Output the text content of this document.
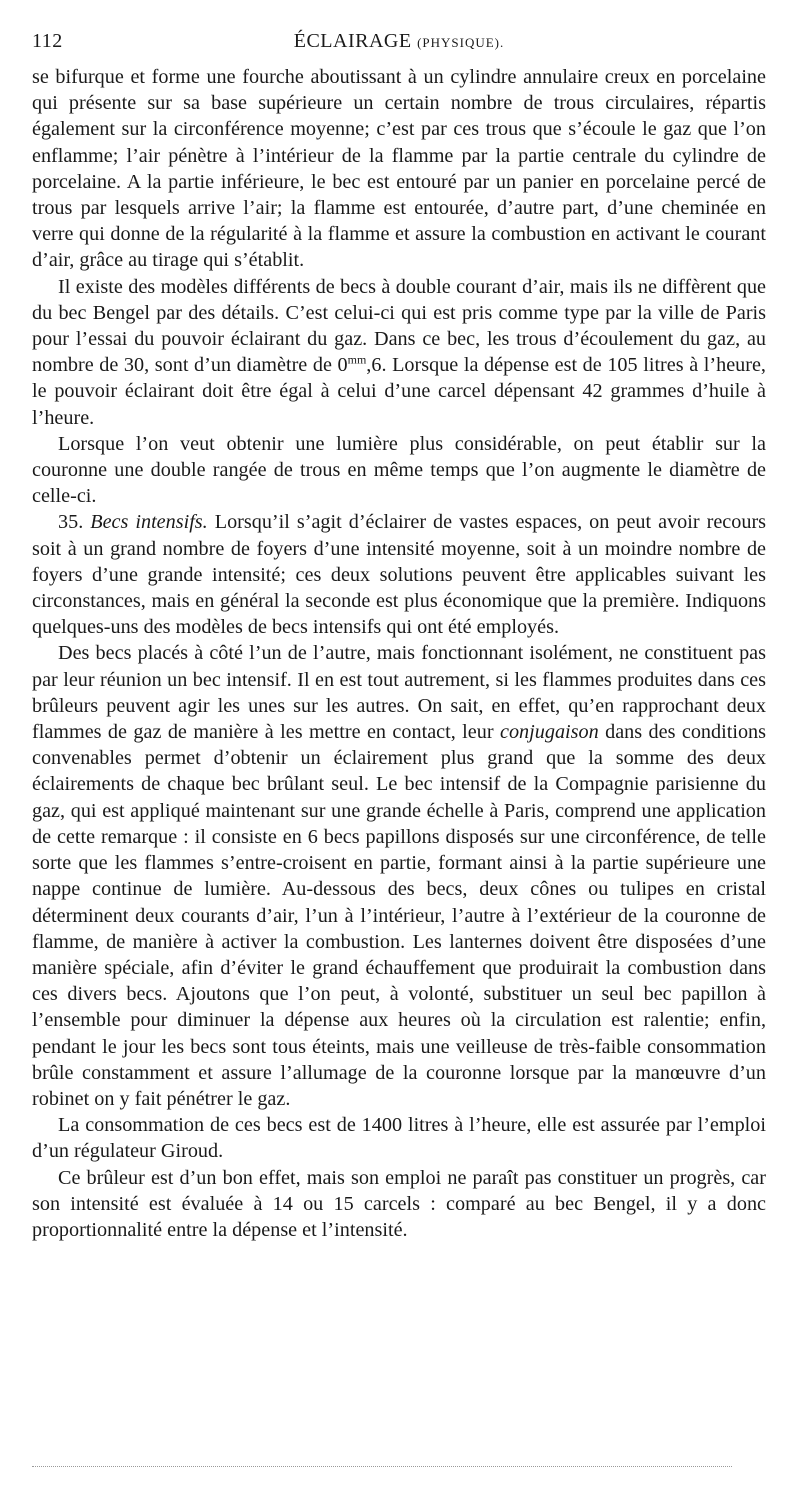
112	ÉCLAIRAGE (PHYSIQUE).

se bifurque et forme une fourche aboutissant à un cylindre annulaire creux en porcelaine qui présente sur sa base supérieure un certain nombre de trous circulaires, répartis également sur la circonférence moyenne; c’est par ces trous que s’écoule le gaz que l’on enflamme; l’air pénètre à l’intérieur de la flamme par la partie centrale du cylindre de porcelaine. A la partie inférieure, le bec est entouré par un panier en porcelaine percé de trous par lesquels arrive l’air; la flamme est entourée, d’autre part, d’une cheminée en verre qui donne de la régularité à la flamme et assure la combustion en activant le courant d’air, grâce au tirage qui s’établit.

Il existe des modèles différents de becs à double courant d’air, mais ils ne diffèrent que du bec Bengel par des détails. C’est celui-ci qui est pris comme type par la ville de Paris pour l’essai du pouvoir éclairant du gaz. Dans ce bec, les trous d’écoulement du gaz, au nombre de 30, sont d’un diamètre de $0^{mm},6$. Lorsque la dépense est de 105 litres à l’heure, le pouvoir éclairant doit être égal à celui d’une carcel dépensant 42 grammes d’huile à l’heure.

Lorsque l’on veut obtenir une lumière plus considérable, on peut établir sur la couronne une double rangée de trous en même temps que l’on augmente le diamètre de celle-ci.

35. Becs intensifs. Lorsqu’il s’agit d’éclairer de vastes espaces, on peut avoir recours soit à un grand nombre de foyers d’une intensité moyenne, soit à un moindre nombre de foyers d’une grande intensité; ces deux solutions peuvent être applicables suivant les circonstances, mais en général la seconde est plus économique que la première. Indiquons quelques-uns des modèles de becs intensifs qui ont été employés.

Des becs placés à côté l’un de l’autre, mais fonctionnant isolément, ne constituent pas par leur réunion un bec intensif. Il en est tout autrement, si les flammes produites dans ces brûleurs peuvent agir les unes sur les autres. On sait, en effet, qu’en rapprochant deux flammes de gaz de manière à les mettre en contact, leur conjugaison dans des conditions convenables permet d’obtenir un éclairement plus grand que la somme des deux éclairements de chaque bec brûlant seul. Le bec intensif de la Compagnie parisienne du gaz, qui est appliqué maintenant sur une grande échelle à Paris, comprend une application de cette remarque : il consiste en 6 becs papillons disposés sur une circonférence, de telle sorte que les flammes s’entre-croisent en partie, formant ainsi à la partie supérieure une nappe continue de lumière. Au-dessous des becs, deux cônes ou tulipes en cristal déterminent deux courants d’air, l’un à l’intérieur, l’autre à l’extérieur de la couronne de flamme, de manière à activer la combustion. Les lanternes doivent être disposées d’une manière spéciale, afin d’éviter le grand échauffement que produirait la combustion dans ces divers becs. Ajoutons que l’on peut, à volonté, substituer un seul bec papillon à l’ensemble pour diminuer la dépense aux heures où la circulation est ralentie; enfin, pendant le jour les becs sont tous éteints, mais une veilleuse de très-faible consommation brûle constamment et assure l’allumage de la couronne lorsque par la manœuvre d’un robinet on y fait pénétrer le gaz.

La consommation de ces becs est de 1400 litres à l’heure, elle est assurée par l’emploi d’un régulateur Giroud.

Ce brûleur est d’un bon effet, mais son emploi ne paraît pas constituer un progrès, car son intensité est évaluée à 14 ou 15 carcels : comparé au bec Bengel, il y a donc proportionnalité entre la dépense et l’intensité.
